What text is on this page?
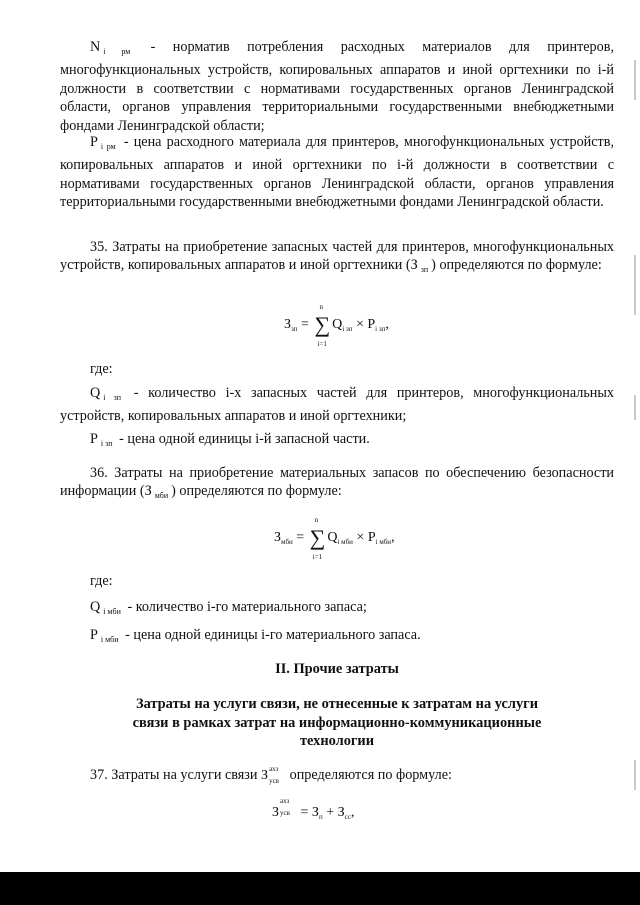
N $_{i рм}$ - норматив потребления расходных материалов для принтеров, многофункциональных устройств, копировальных аппаратов и иной оргтехники по i-й должности в соответствии с нормативами государственных органов Ленинградской области, органов управления территориальными государственными внебюджетными фондами Ленинградской области;

P $_{i рм}$ - цена расходного материала для принтеров, многофункциональных устройств, копировальных аппаратов и иной оргтехники по i-й должности в соответствии с нормативами государственных органов Ленинградской области, органов управления территориальными государственными внебюджетными фондами Ленинградской области.

35. Затраты на приобретение запасных частей для принтеров, многофункциональных устройств, копировальных аппаратов и иной оргтехники (З $_{зп}$ ) определяются по формуле:

$З_{зп}$ = ∑
n
i=1
$Q_{i зп} \times P_{i зп}$,

где:

Q $_{i зп}$ - количество i-х запасных частей для принтеров, многофункциональных устройств, копировальных аппаратов и иной оргтехники;

P $_{i зп}$ - цена одной единицы i-й запасной части.

36. Затраты на приобретение материальных запасов по обеспечению безопасности информации (З $_{мби}$ ) определяются по формуле:

$З_{мби}$ = ∑
n
i=1
$Q_{i мби} \times P_{i мби}$,

где:

Q $_{i мби}$ - количество i-го материального запаса;

P $_{i мби}$ - цена одной единицы i-го материального запаса.

II. Прочие затраты

Затраты на услуги связи, не отнесенные к затратам на услуги связи в рамках затрат на информационно-коммуникационные технологии

37. Затраты на услуги связи З ахз
усв определяются по формуле:

З
ахз
усв = $З_п + З_{сс}$,
